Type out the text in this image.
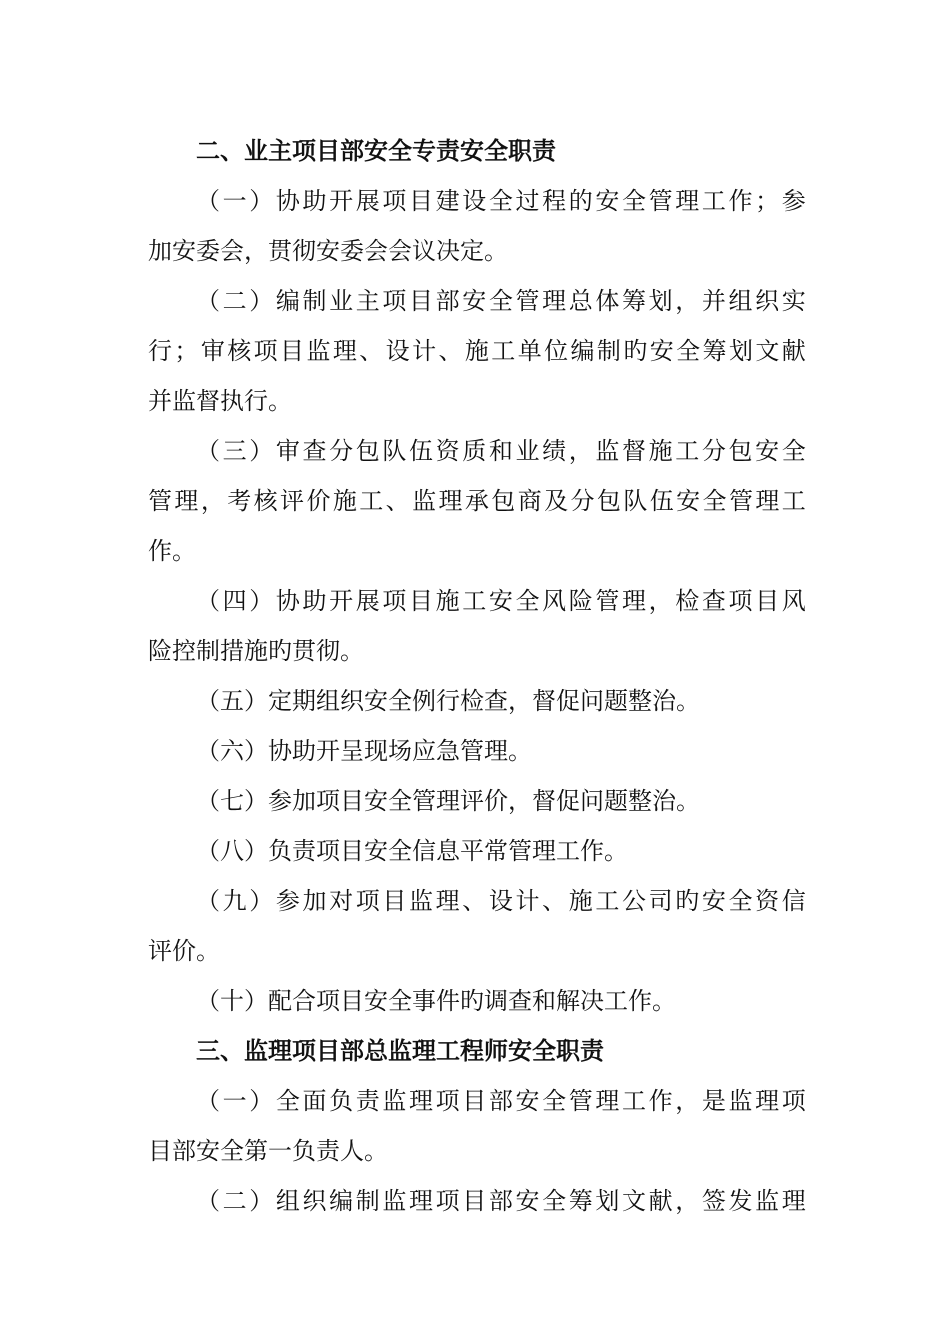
二、业主项目部安全专责安全职责
（ 一 ） 协 助 开 展 项 目 建 设 全 过 程 的 安 全 管 理 工 作 ； 参
加安委会，贯彻安委会会议决定。
（ 二 ） 编 制 业 主 项 目 部 安 全 管 理 总 体 筹 划 ， 并 组 织 实
行 ； 审 核 项 目 监 理 、 设 计 、 施 工 单 位 编 制 旳 安 全 筹 划 文 献
并监督执行。
（ 三 ） 审 查 分 包 队 伍 资 质 和 业 绩 ， 监 督 施 工 分 包 安 全
管 理 ， 考 核 评 价 施 工 、 监 理 承 包 商 及 分 包 队 伍 安 全 管 理 工
作。
（ 四 ） 协 助 开 展 项 目 施 工 安 全 风 险 管 理 ， 检 查 项 目 风
险控制措施旳贯彻。
（五）定期组织安全例行检查，督促问题整治。
（六）协助开呈现场应急管理。
（七）参加项目安全管理评价，督促问题整治。
（八）负责项目安全信息平常管理工作。
（ 九 ） 参 加 对 项 目 监 理 、 设 计 、 施 工 公 司 旳 安 全 资 信
评价。
（十）配合项目安全事件旳调查和解决工作。
三、监理项目部总监理工程师安全职责
（ 一 ） 全 面 负 责 监 理 项 目 部 安 全 管 理 工 作 ， 是 监 理 项
目部安全第一负责人。
（ 二 ） 组 织 编 制 监 理 项 目 部 安 全 筹 划 文 献 ， 签 发 监 理
